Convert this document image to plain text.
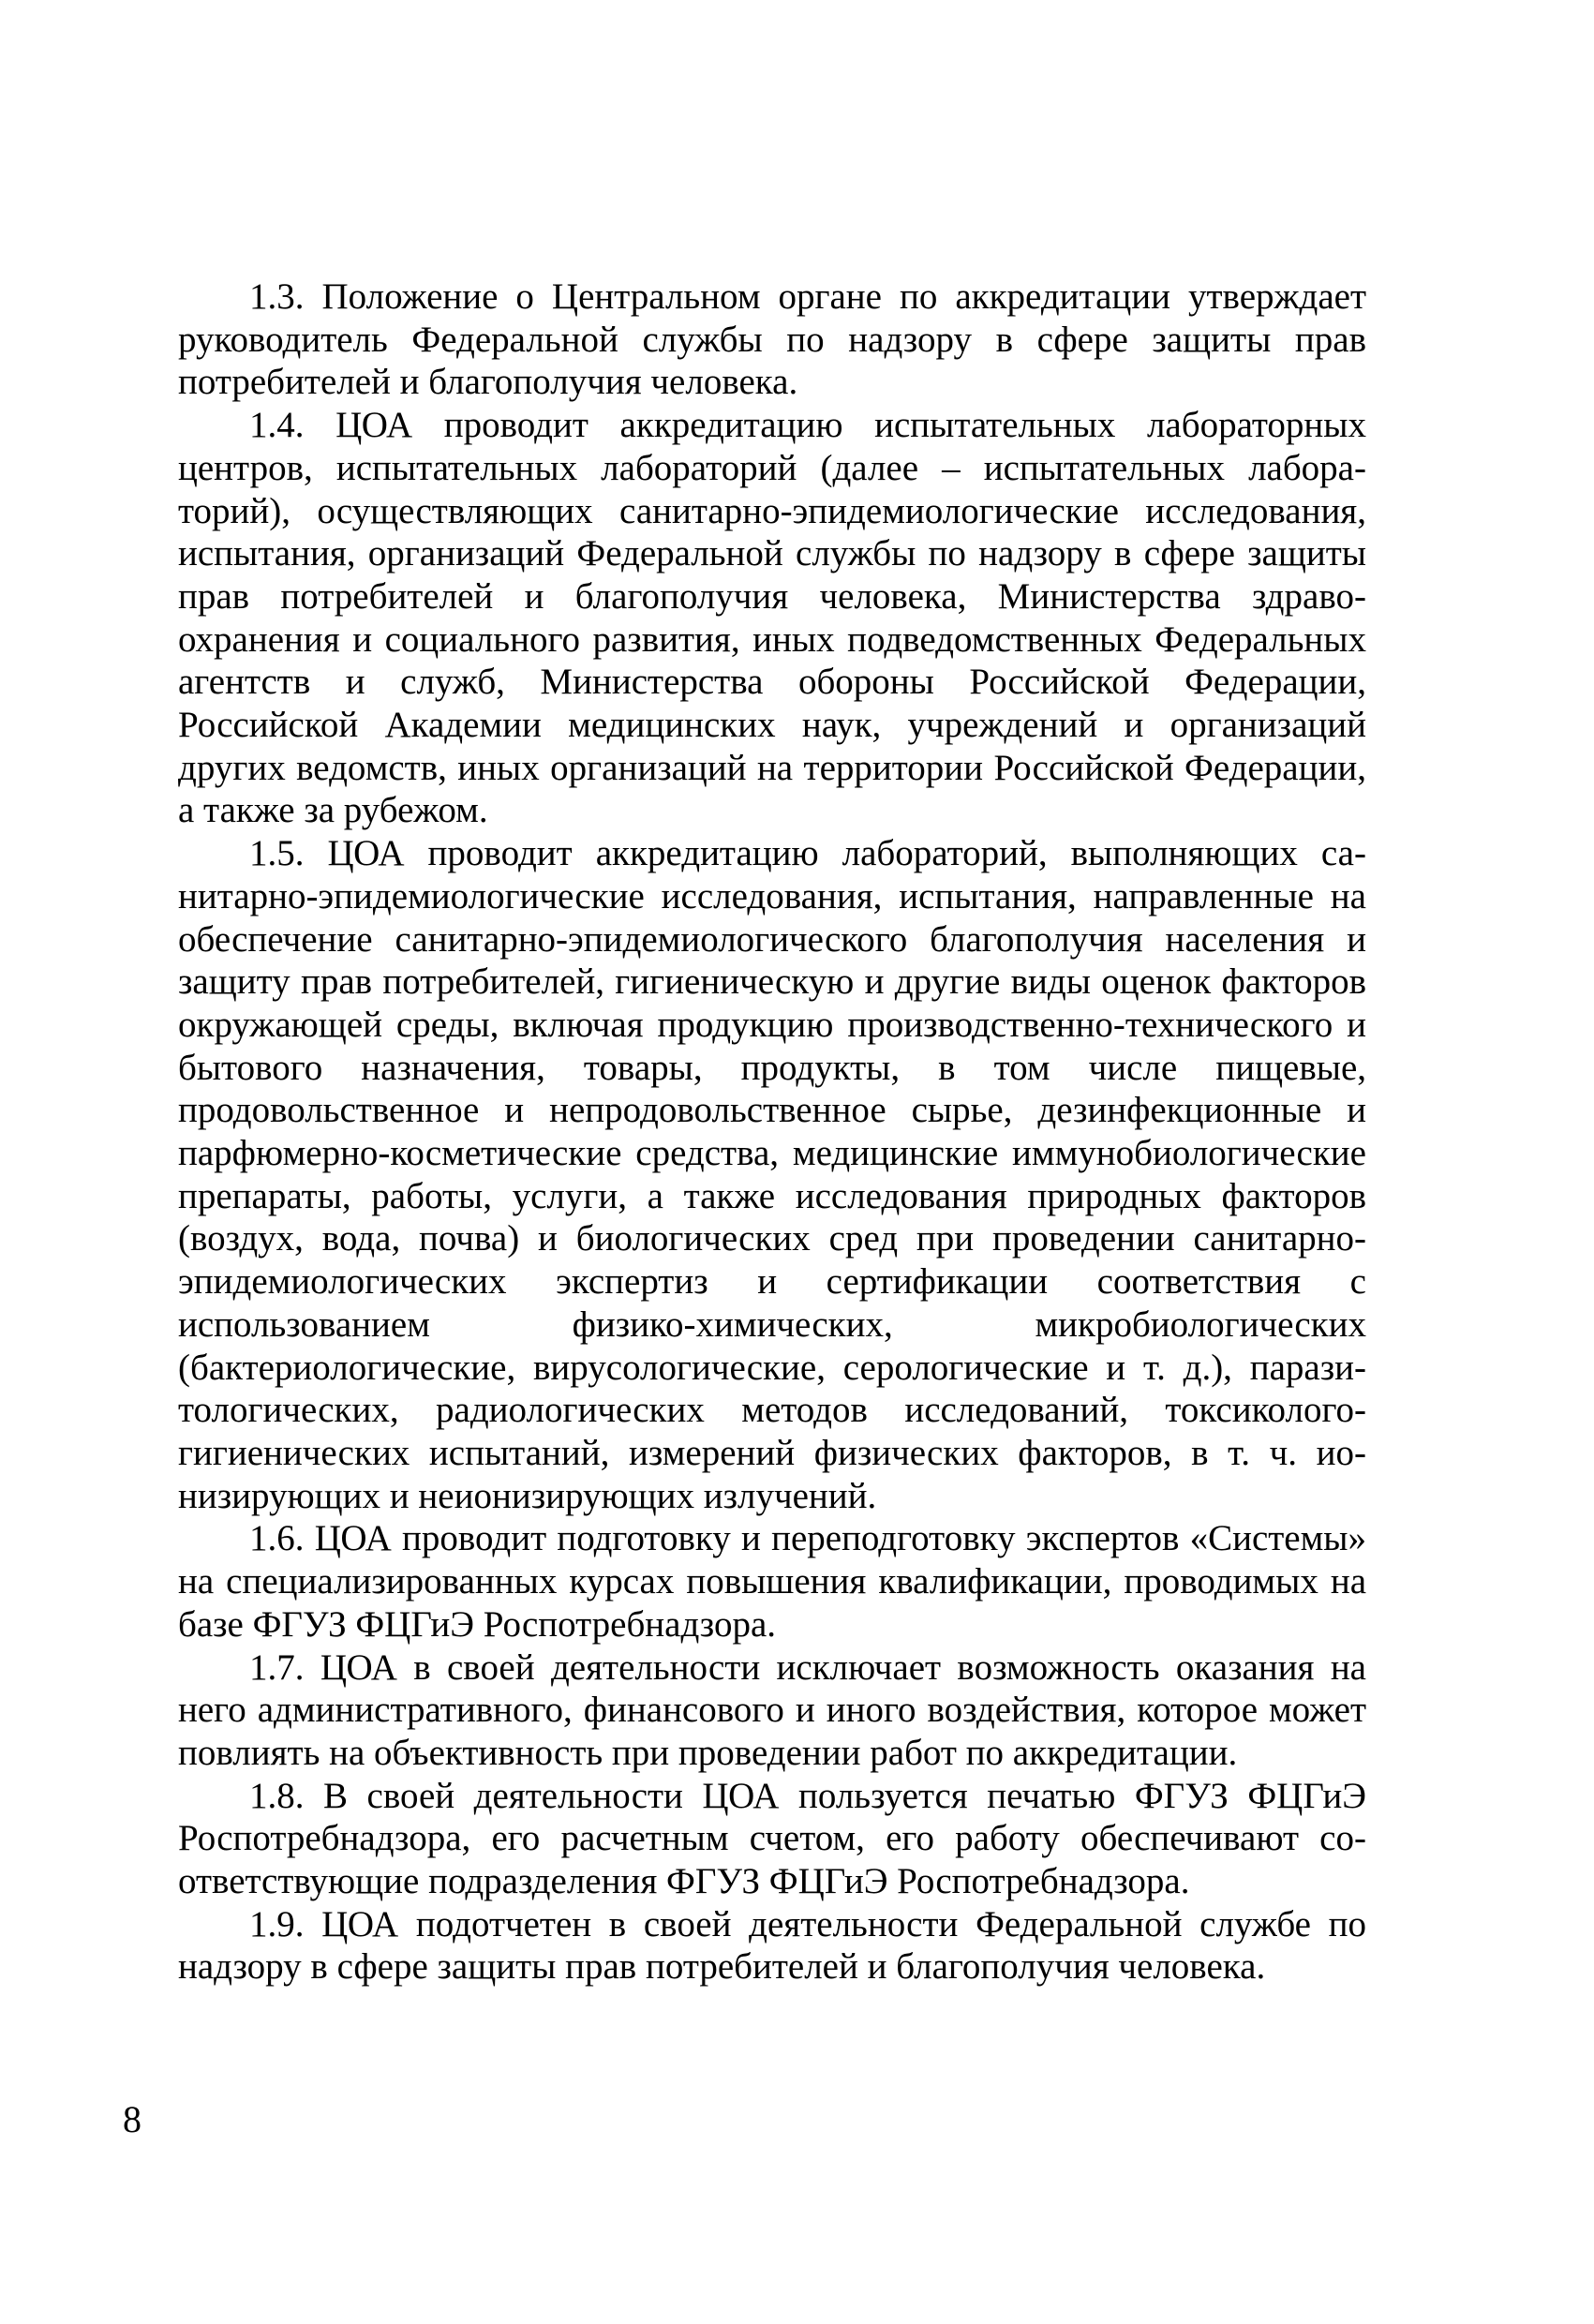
1.3. Положение о Центральном органе по аккредитации утверждает руководитель Федеральной службы по надзору в сфере защиты прав потребителей и благополучия человека.

1.4. ЦОА проводит аккредитацию испытательных лабораторных центров, испытательных лабораторий (далее – испытательных лабораторий), осуществляющих санитарно-эпидемиологические исследования, испытания, организаций Федеральной службы по надзору в сфере защиты прав потребителей и благополучия человека, Министерства здравоохранения и социального развития, иных подведомственных Федеральных агентств и служб, Министерства обороны Российской Федерации, Российской Академии медицинских наук, учреждений и организаций других ведомств, иных организаций на территории Российской Федерации, а также за рубежом.

1.5. ЦОА проводит аккредитацию лабораторий, выполняющих санитарно-эпидемиологические исследования, испытания, направленные на обеспечение санитарно-эпидемиологического благополучия населения и защиту прав потребителей, гигиеническую и другие виды оценок факторов окружающей среды, включая продукцию производственно-технического и бытового назначения, товары, продукты, в том числе пищевые, продовольственное и непродовольственное сырье, дезинфекционные и парфюмерно-косметические средства, медицинские иммунобиологические препараты, работы, услуги, а также исследования природных факторов (воздух, вода, почва) и биологических сред при проведении санитарно-эпидемиологических экспертиз и сертификации соответствия с использованием физико-химических, микробиологических (бактериологические, вирусологические, серологические и т. д.), паразитологических, радиологических методов исследований, токсиколого-гигиенических испытаний, измерений физических факторов, в т. ч. ионизирующих и неионизирующих излучений.

1.6. ЦОА проводит подготовку и переподготовку экспертов «Системы» на специализированных курсах повышения квалификации, проводимых на базе ФГУЗ ФЦГиЭ Роспотребнадзора.

1.7. ЦОА в своей деятельности исключает возможность оказания на него административного, финансового и иного воздействия, которое может повлиять на объективность при проведении работ по аккредитации.

1.8. В своей деятельности ЦОА пользуется печатью ФГУЗ ФЦГиЭ Роспотребнадзора, его расчетным счетом, его работу обеспечивают соответствующие подразделения ФГУЗ ФЦГиЭ Роспотребнадзора.

1.9. ЦОА подотчетен в своей деятельности Федеральной службе по надзору в сфере защиты прав потребителей и благополучия человека.

8
